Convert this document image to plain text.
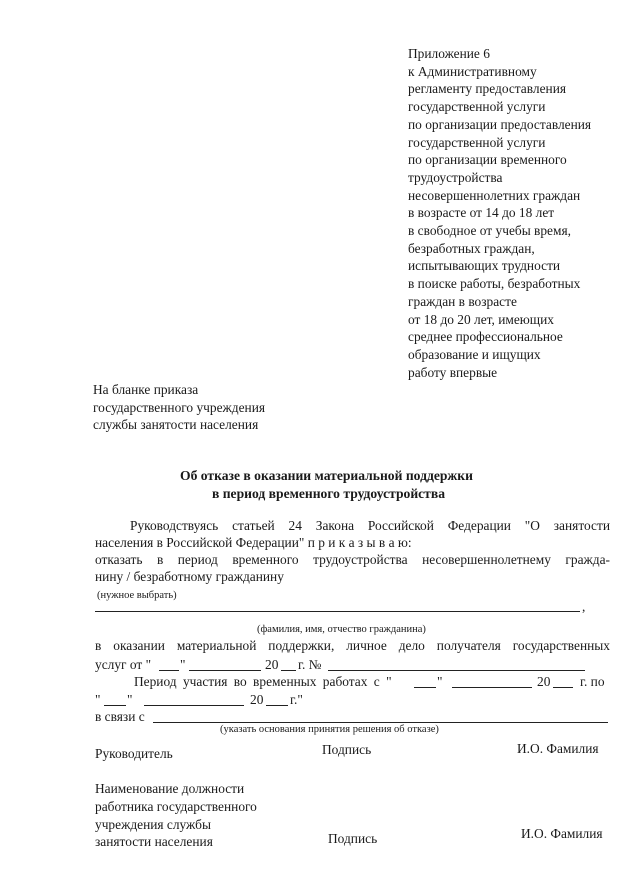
Приложение 6
к Административному
регламенту предоставления
государственной услуги
по организации предоставления
государственной услуги
по организации временного
трудоустройства
несовершеннолетних граждан
в возрасте от 14 до 18 лет
в свободное от учебы время,
безработных граждан,
испытывающих трудности
в поиске работы, безработных
граждан в возрасте
от 18 до 20 лет, имеющих
среднее профессиональное
образование и ищущих
работу впервые
На бланке приказа
государственного учреждения
службы занятости населения
Об отказе в оказании материальной поддержки
в период временного трудоустройства
Руководствуясь статьей 24 Закона Российской Федерации "О занятости
населения в Российской Федерации" п р и к а з ы в а ю:
отказать в период временного трудоустройства несовершеннолетнему гражда-
нину / безработному гражданину
(нужное выбрать)
,
(фамилия, имя, отчество гражданина)
в оказании материальной поддержки, личное дело получателя государственных
услуг от " "	20 г. №
Период участия во временных работах с "	"	20 г. по
" "	20 г."
в связи с
(указать основания принятия решения об отказе)
Руководитель	Подпись	И.О. Фамилия
Наименование должности
работника государственного
учреждения службы
занятости населения	Подпись	И.О. Фамилия
